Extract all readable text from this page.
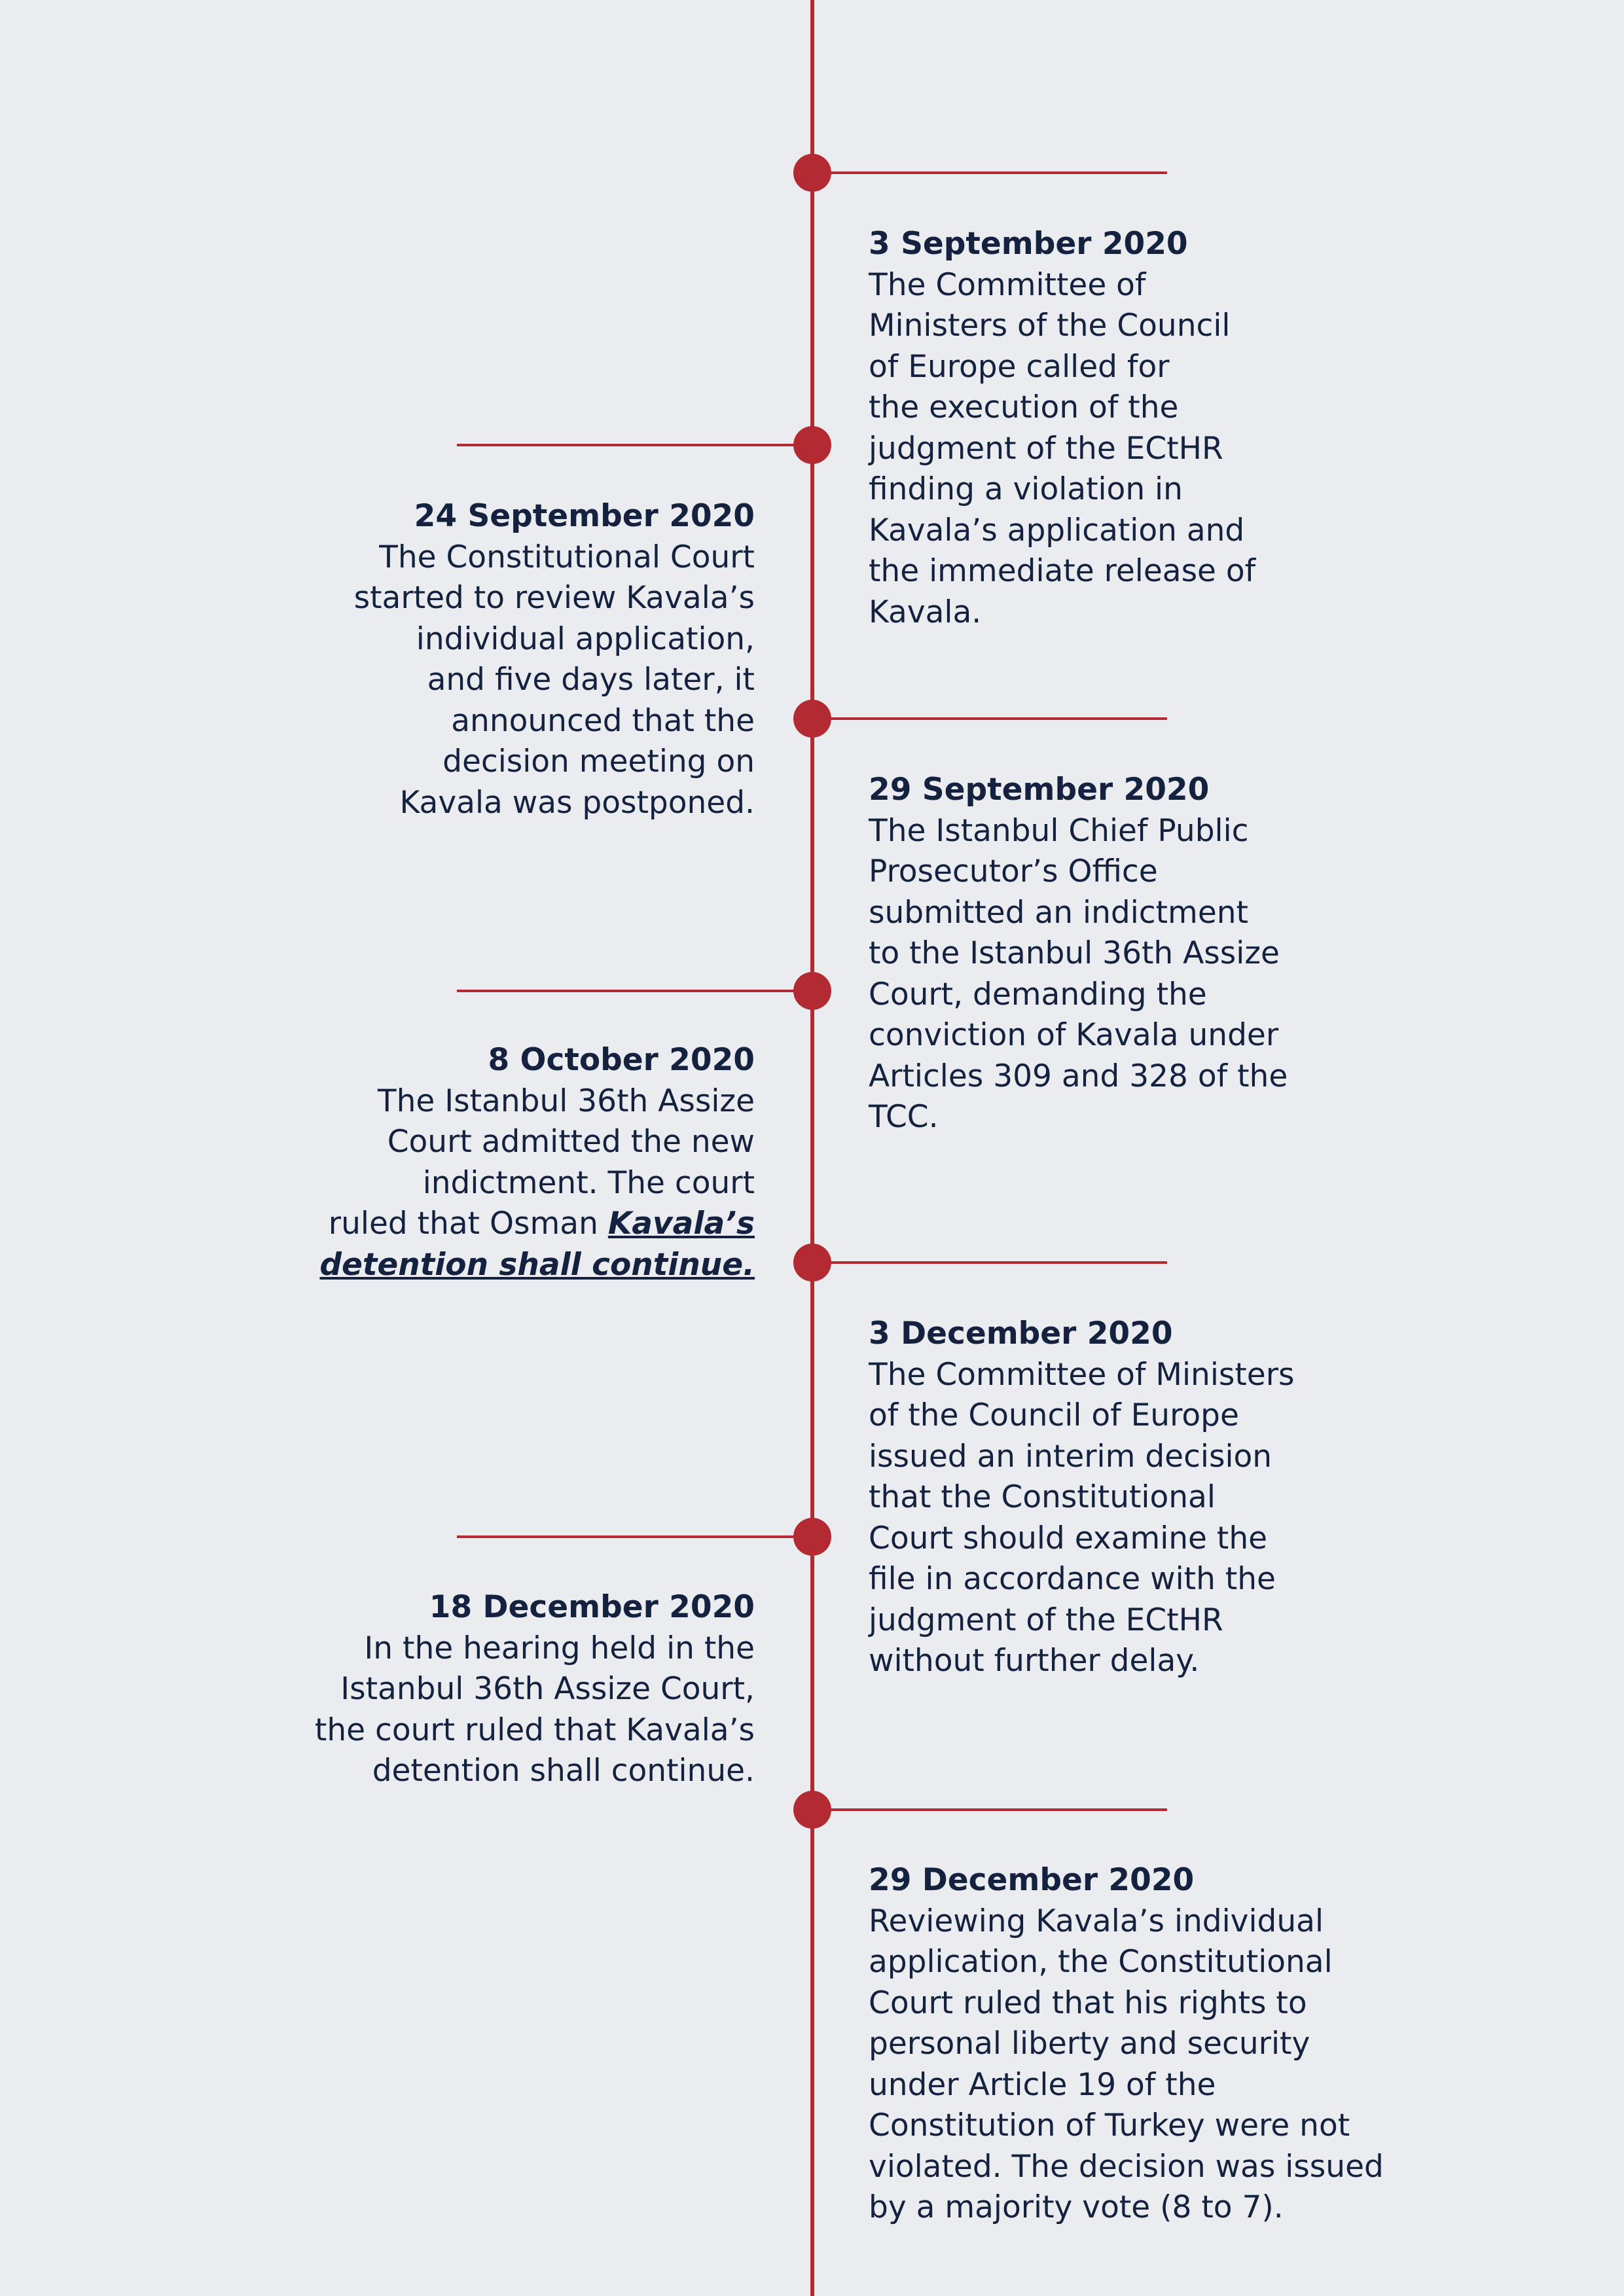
3 September 2020
The Committee of
Ministers of the Council
of Europe called for
the execution of the
judgment of the ECtHR
finding a violation in
Kavala’s application and
the immediate release of
Kavala.
24 September 2020
The Constitutional Court
started to review Kavala’s
individual application,
and five days later, it
announced that the
decision meeting on
Kavala was postponed.	29 September 2020
The Istanbul Chief Public
Prosecutor’s Office
submitted an indictment
to the Istanbul 36th Assize
Court, demanding the
conviction of Kavala under
Articles 309 and 328 of the
TCC.
8 October 2020
The Istanbul 36th Assize
Court admitted the new
indictment. The court
ruled that Osman Kavala’s
detention shall continue.
3 December 2020
The Committee of Ministers
of the Council of Europe
issued an interim decision
that the Constitutional
Court should examine the
file in accordance with the
judgment of the ECtHR
without further delay.
18 December 2020
In the hearing held in the
Istanbul 36th Assize Court,
the court ruled that Kavala’s
detention shall continue.
29 December 2020
Reviewing Kavala’s individual
application, the Constitutional
Court ruled that his rights to
personal liberty and security
under Article 19 of the
Constitution of Turkey were not
violated. The decision was issued
by a majority vote (8 to 7).
